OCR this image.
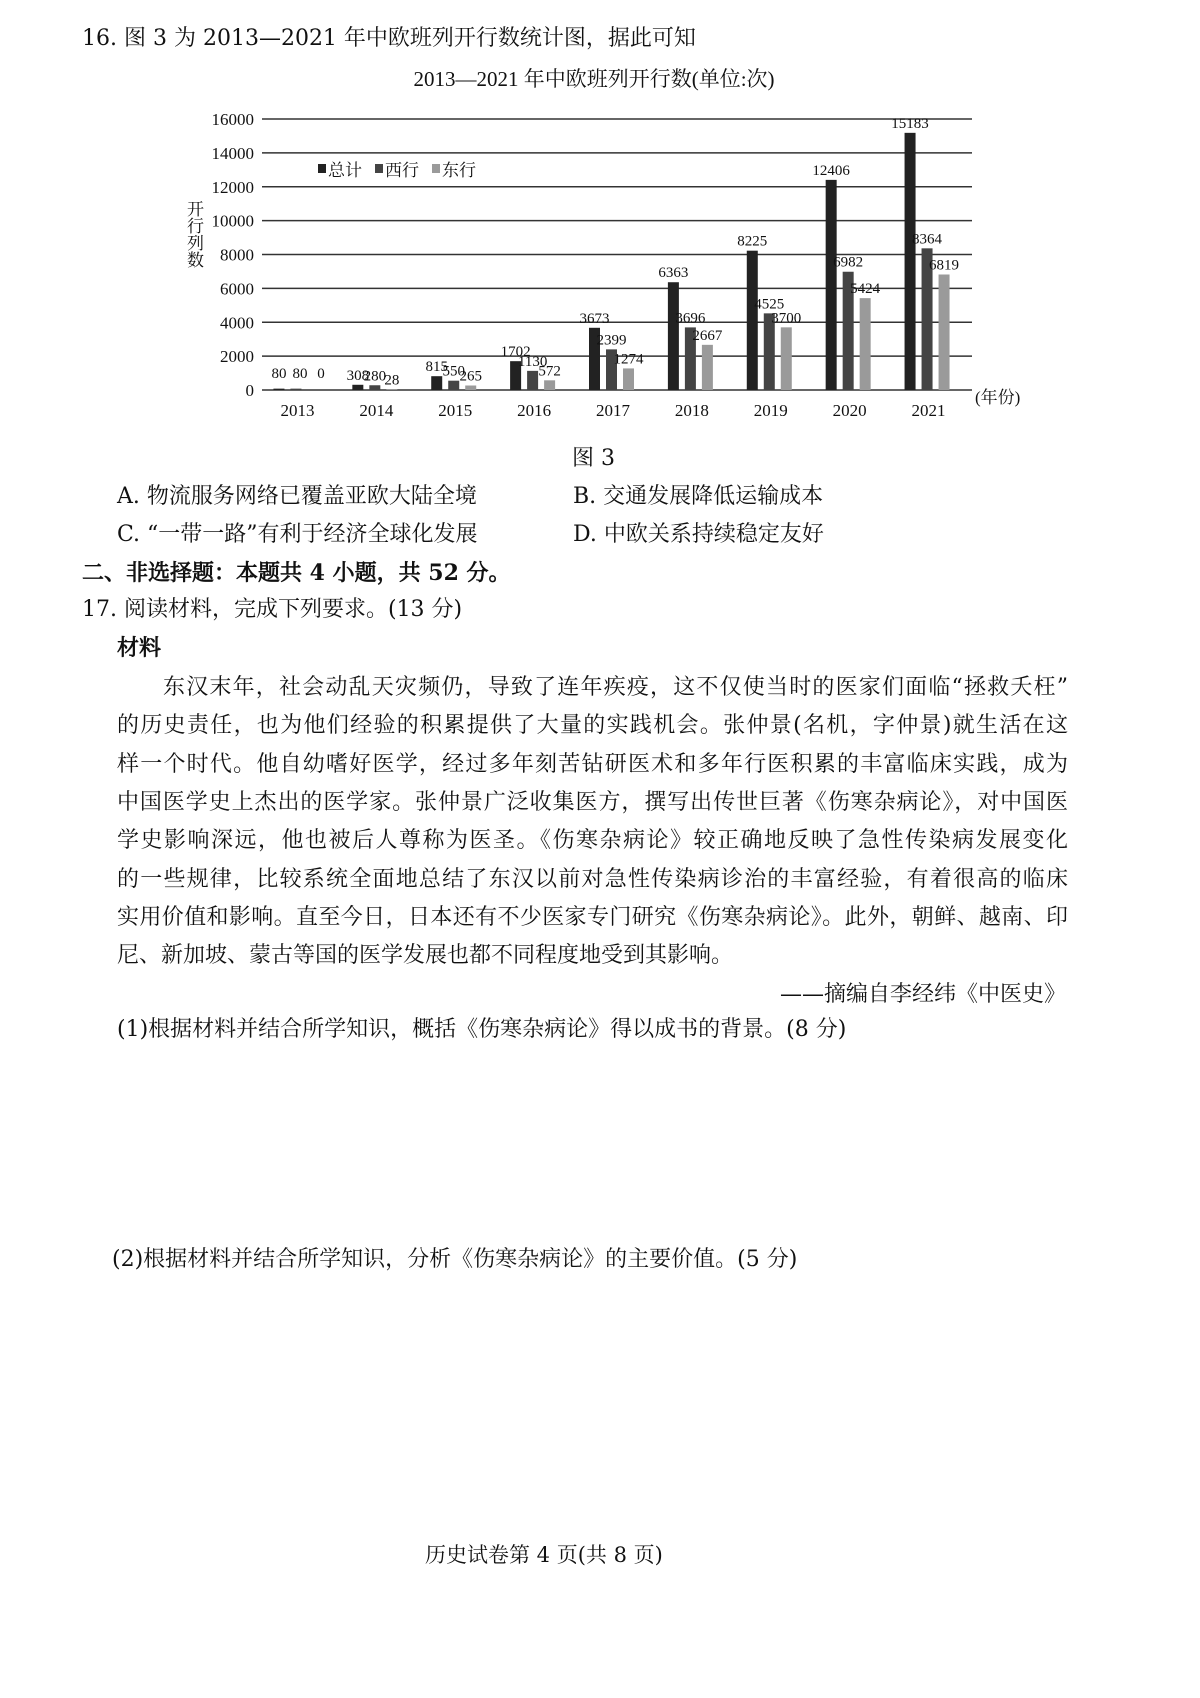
16. 图 3 为 2013—2021 年中欧班列开行数统计图，据此可知
2013—2021 年中欧班列开行数(单位:次)
0
2000
4000
6000
8000
10000
12000
14000
16000
2013
80 80 0
2014
308
280
28
2015
815
550
265
2016
1702
1130
572
2017
3673
2399
1274
2018
6363
3696
2667
2019
8225
4525
3700
2020
12406
6982
5424
2021
15183
8364
6819
总计 西行 东行
(年份)
开行列数
图 3
A. 物流服务网络已覆盖亚欧大陆全境	B. 交通发展降低运输成本
C. “一带一路”有利于经济全球化发展	D. 中欧关系持续稳定友好
二、非选择题：本题共 4 小题，共 52 分。
17. 阅读材料，完成下列要求。(13 分)
材料
东汉末年，社会动乱天灾频仍，导致了连年疾疫，这不仅使当时的医家们面临“拯救夭枉”
的历史责任，也为他们经验的积累提供了大量的实践机会。张仲景(名机，字仲景)就生活在这
样一个时代。他自幼嗜好医学，经过多年刻苦钻研医术和多年行医积累的丰富临床实践，成为
中国医学史上杰出的医学家。张仲景广泛收集医方，撰写出传世巨著《伤寒杂病论》，对中国医
学史影响深远，他也被后人尊称为医圣。《伤寒杂病论》较正确地反映了急性传染病发展变化
的一些规律，比较系统全面地总结了东汉以前对急性传染病诊治的丰富经验，有着很高的临床
实用价值和影响。直至今日，日本还有不少医家专门研究《伤寒杂病论》。此外，朝鲜、越南、印
尼、新加坡、蒙古等国的医学发展也都不同程度地受到其影响。
——摘编自李经纬《中医史》
(1)根据材料并结合所学知识，概括《伤寒杂病论》得以成书的背景。(8 分)
(2)根据材料并结合所学知识，分析《伤寒杂病论》的主要价值。(5 分)
历史试卷第 4 页(共 8 页)
